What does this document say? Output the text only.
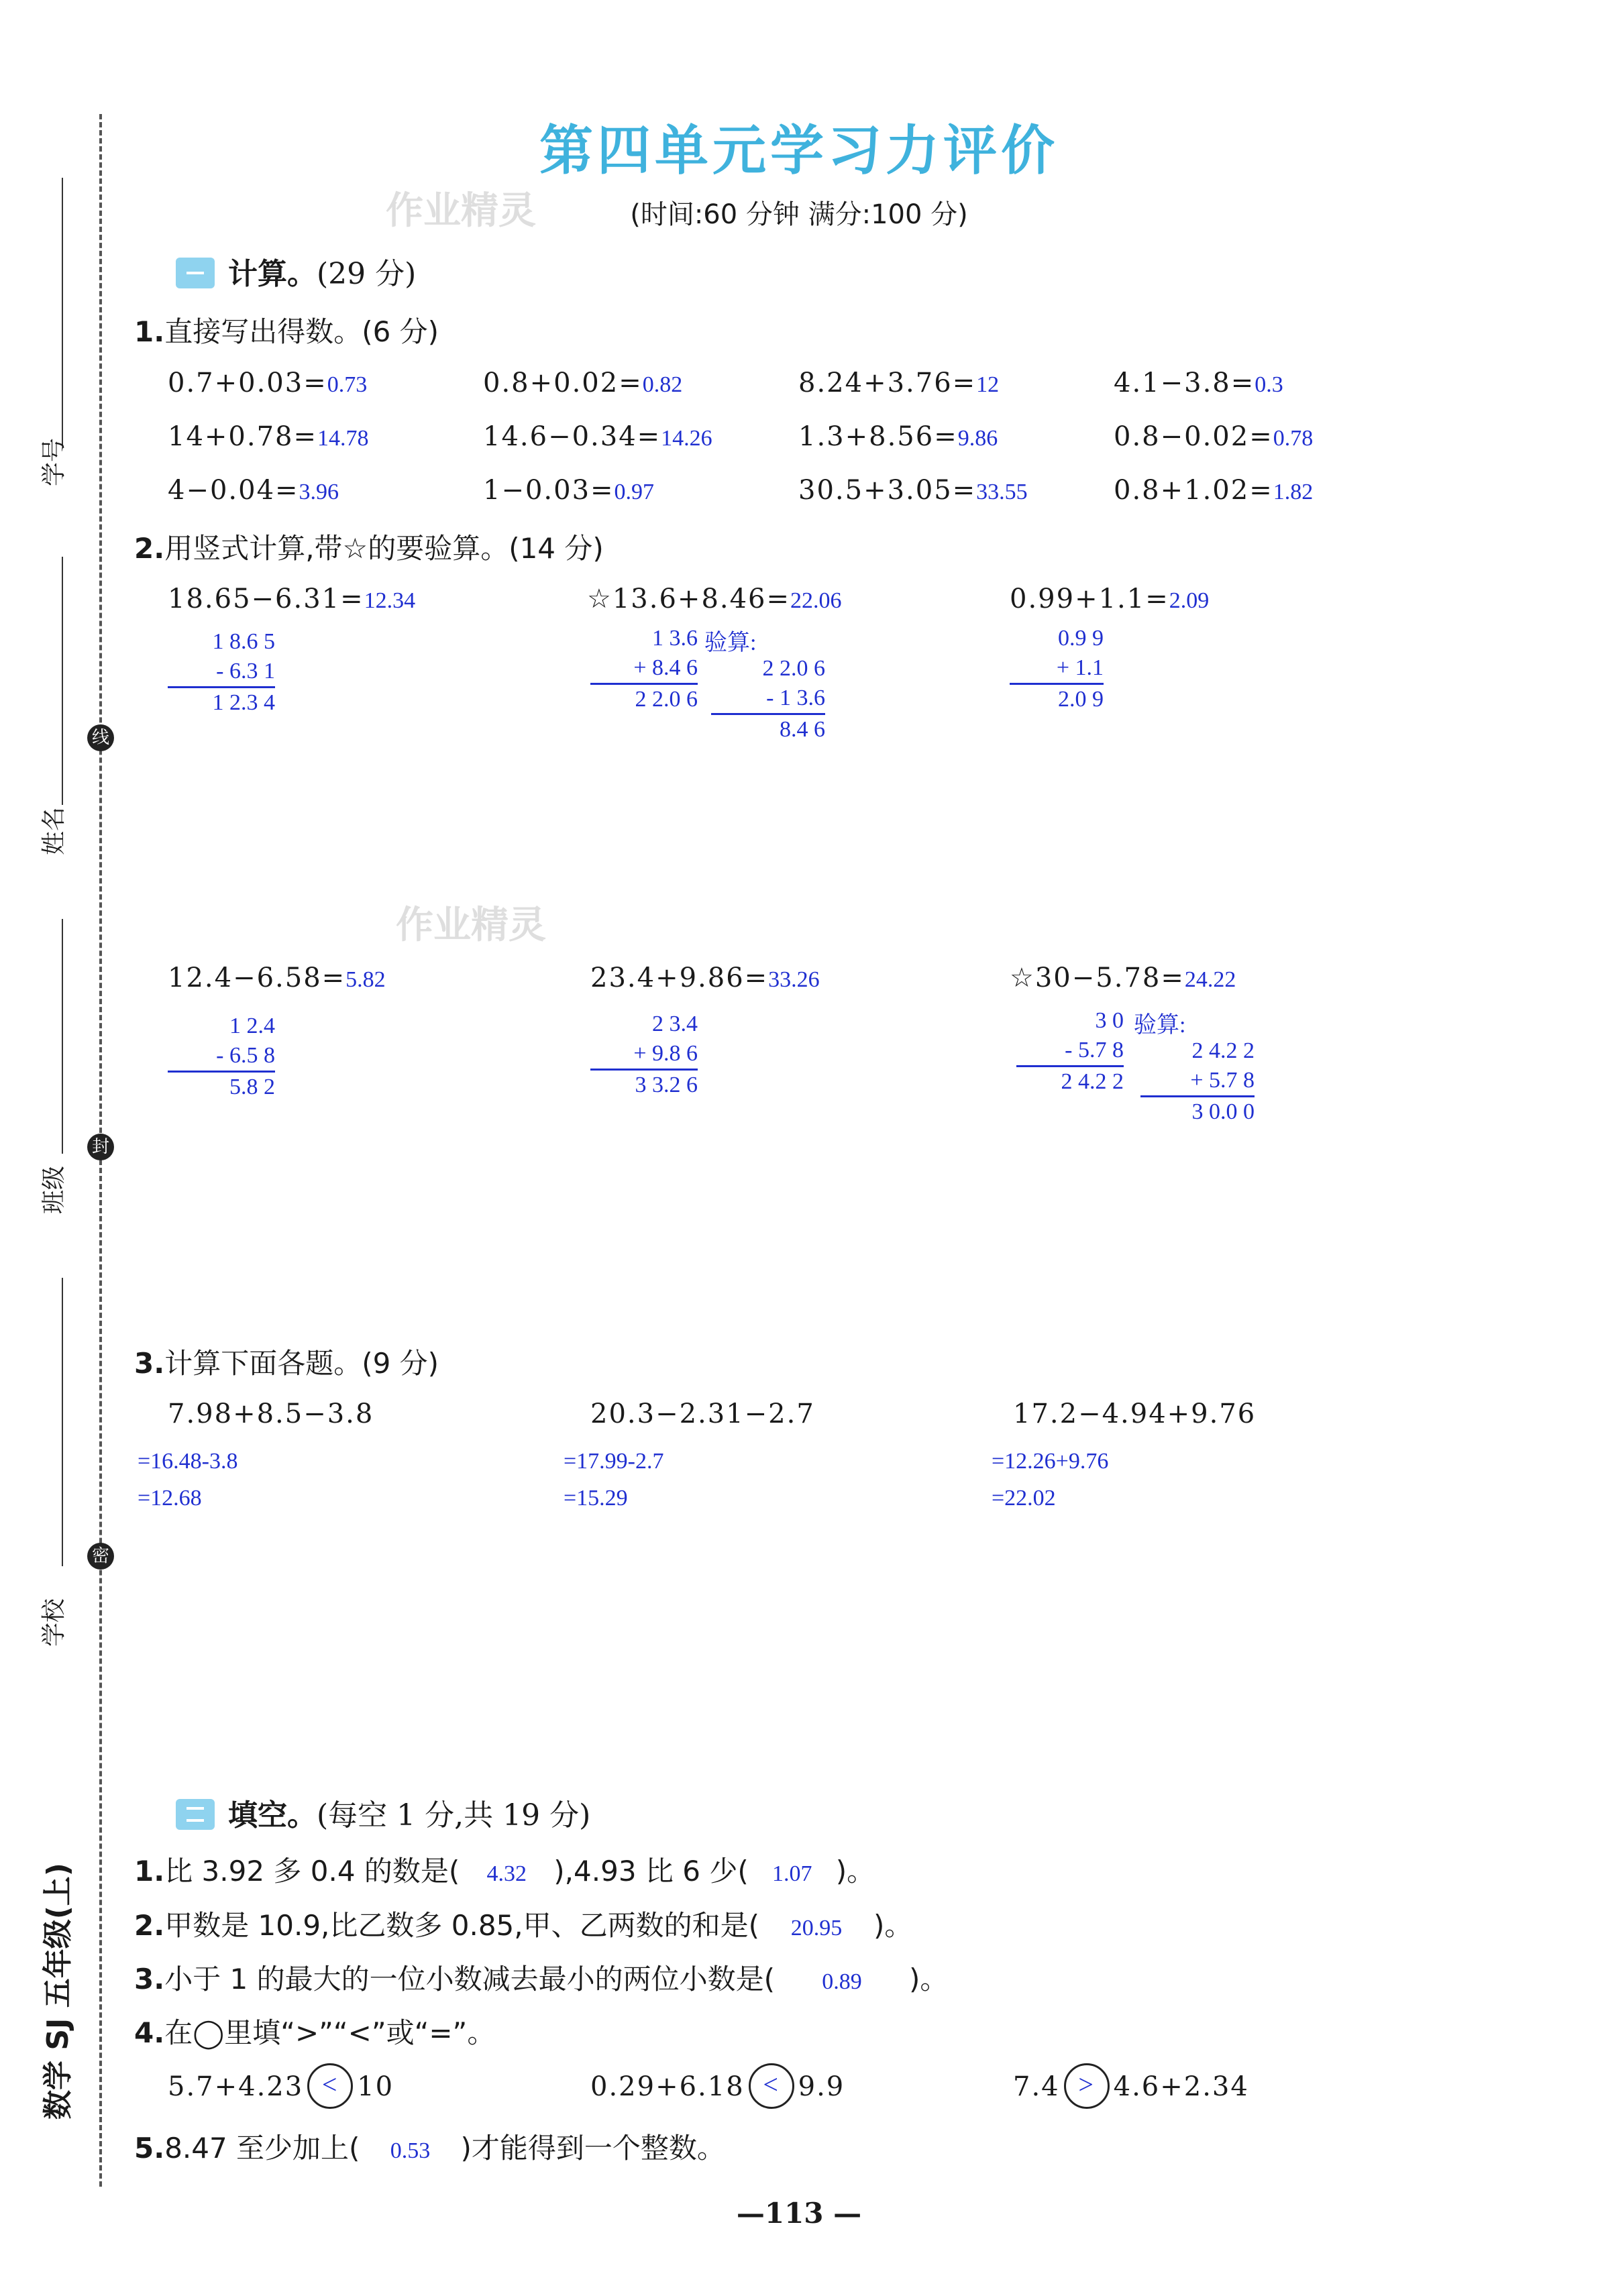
学号
线
姓名
封
班级
密
学校
数学 SJ 五年级(上)
作业精灵
作业精灵
第四单元学习力评价
(时间:60 分钟 满分:100 分)
计算。(29 分)
1.直接写出得数。(6 分)
0.7+0.03=0.73	0.8+0.02=0.82	8.24+3.76=12	4.1−3.8=0.3
14+0.78=14.78	14.6−0.34=14.26	1.3+8.56=9.86	0.8−0.02=0.78
4−0.04=3.96	1−0.03=0.97	30.5+3.05=33.55	0.8+1.02=1.82
2.用竖式计算,带☆的要验算。(14 分)
18.65−6.31=12.34
1 8.6 5
- 6.3 1
1 2.3 4
☆13.6+8.46=22.06
1 3.6
+ 8.4 6
2 2.0 6
验算:
2 2.0 6
- 1 3.6
8.4 6
0.99+1.1=2.09
0.9 9
+ 1.1
2.0 9
12.4−6.58=5.82
1 2.4
- 6.5 8
5.8 2
23.4+9.86=33.26
2 3.4
+ 9.8 6
3 3.2 6
☆30−5.78=24.22
3 0
- 5.7 8
2 4.2 2
验算:
2 4.2 2
+ 5.7 8
3 0.0 0
3.计算下面各题。(9 分)
7.98+8.5−3.8
=16.48-3.8
=12.68
20.3−2.31−2.7
=17.99-2.7
=15.29
17.2−4.94+9.76
=12.26+9.76
=22.02
填空。(每空 1 分,共 19 分)
1.比 3.92 多 0.4 的数是( 4.32 ),4.93 比 6 少( 1.07 )。
2.甲数是 10.9,比乙数多 0.85,甲、乙两数的和是( 20.95 )。
3.小于 1 的最大的一位小数减去最小的两位小数是( 0.89 )。
4.在◯里填“>”“<”或“=”。
5.7+4.23 < 10	0.29+6.18 < 9.9	7.4 > 4.6+2.34
5.8.47 至少加上( 0.53 )才能得到一个整数。
—113 —
